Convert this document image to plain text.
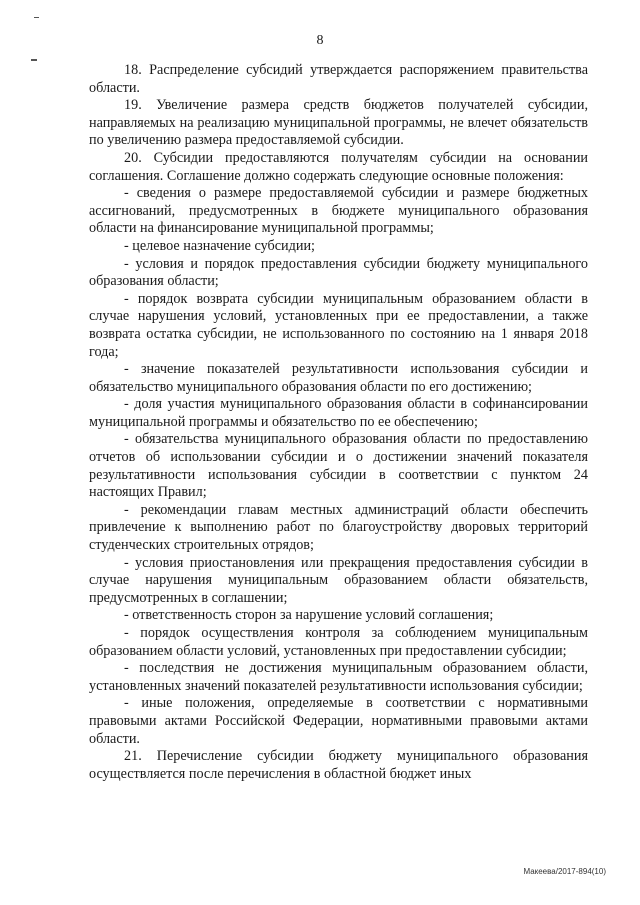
8

18. Распределение субсидий утверждается распоряжением правительства области.

19. Увеличение размера средств бюджетов получателей субсидии, направляемых на реализацию муниципальной программы, не влечет обязательств по увеличению размера предоставляемой субсидии.

20. Субсидии предоставляются получателям субсидии на основании соглашения. Соглашение должно содержать следующие основные положения:

- сведения о размере предоставляемой субсидии и размере бюджетных ассигнований, предусмотренных в бюджете муниципального образования области на финансирование муниципальной программы;

- целевое назначение субсидии;

- условия и порядок предоставления субсидии бюджету муниципального образования области;

- порядок возврата субсидии муниципальным образованием области в случае нарушения условий, установленных при ее предоставлении, а также возврата остатка субсидии, не использованного по состоянию на 1 января 2018 года;

- значение показателей результативности использования субсидии и обязательство муниципального образования области по его достижению;

- доля участия муниципального образования области в софинансировании муниципальной программы и обязательство по ее обеспечению;

- обязательства муниципального образования области по предоставлению отчетов об использовании субсидии и о достижении значений показателя результативности использования субсидии в соответствии с пунктом 24 настоящих Правил;

- рекомендации главам местных администраций области обеспечить привлечение к выполнению работ по благоустройству дворовых территорий студенческих строительных отрядов;

- условия приостановления или прекращения предоставления субсидии в случае нарушения муниципальным образованием области обязательств, предусмотренных в соглашении;

- ответственность сторон за нарушение условий соглашения;

- порядок осуществления контроля за соблюдением муниципальным образованием области условий, установленных при предоставлении субсидии;

- последствия не достижения муниципальным образованием области, установленных значений показателей результативности использования субсидии;

- иные положения, определяемые в соответствии с нормативными правовыми актами Российской Федерации, нормативными правовыми актами области.

21. Перечисление субсидии бюджету муниципального образования осуществляется после перечисления в областной бюджет иных

Макеева/2017-894(10)
